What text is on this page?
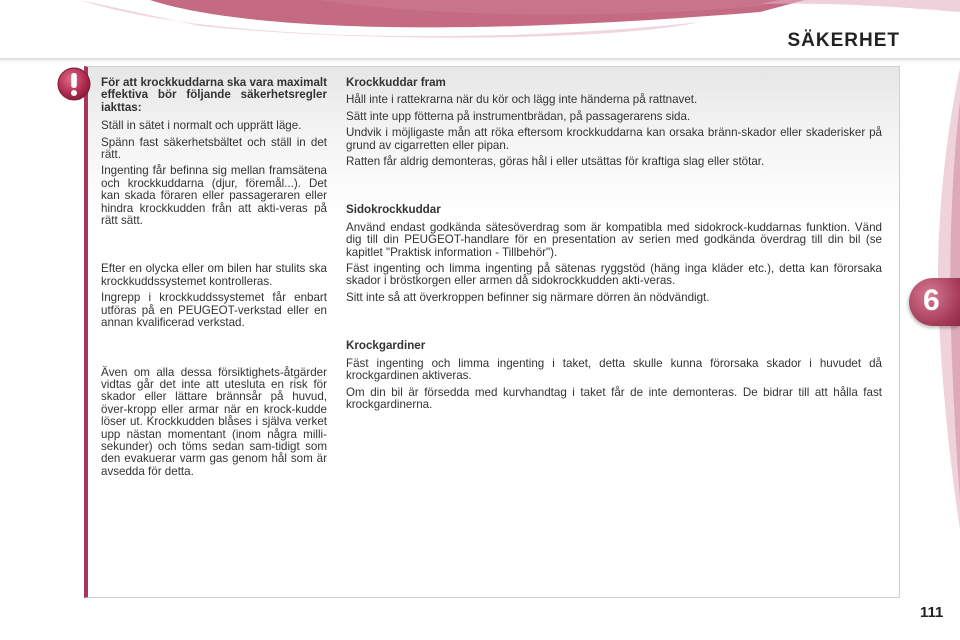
SÄKERHET
6

För att krockkuddarna ska vara maximalt effektiva bör följande säkerhetsregler iakttas:

Ställ in sätet i normalt och upprätt läge.

Spänn fast säkerhetsbältet och ställ in det rätt.

Ingenting får befinna sig mellan framsätena och krockkuddarna (djur, föremål...). Det kan skada föraren eller passageraren eller hindra krockkudden från att akti-veras på rätt sätt.

Efter en olycka eller om bilen har stulits ska krockkuddssystemet kontrolleras.

Ingrepp i krockkuddssystemet får enbart utföras på en PEUGEOT-verkstad eller en annan kvalificerad verkstad.

Även om alla dessa försiktighets-åtgärder vidtas går det inte att utesluta en risk för skador eller lättare brännsår på huvud, över-kropp eller armar när en krock-kudde löser ut. Krockkudden blåses i själva verket upp nästan momentant (inom några milli-sekunder) och töms sedan sam-tidigt som den evakuerar varm gas genom hål som är avsedda för detta.

Krockkuddar fram

Håll inte i rattekrarna när du kör och lägg inte händerna på rattnavet.

Sätt inte upp fötterna på instrumentbrädan, på passagerarens sida.

Undvik i möjligaste mån att röka eftersom krockkuddarna kan orsaka bränn-skador eller skaderisker på grund av cigarretten eller pipan.

Ratten får aldrig demonteras, göras hål i eller utsättas för kraftiga slag eller stötar.

Sidokrockkuddar

Använd endast godkända sätesöverdrag som är kompatibla med sidokrock-kuddarnas funktion. Vänd dig till din PEUGEOT-handlare för en presentation av serien med godkända överdrag till din bil (se kapitlet "Praktisk information - Tillbehör").

Fäst ingenting och limma ingenting på sätenas ryggstöd (häng inga kläder etc.), detta kan förorsaka skador i bröstkorgen eller armen då sidokrockkudden akti-veras.

Sitt inte så att överkroppen befinner sig närmare dörren än nödvändigt.

Krockgardiner

Fäst ingenting och limma ingenting i taket, detta skulle kunna förorsaka skador i huvudet då krockgardinen aktiveras.

Om din bil är försedda med kurvhandtag i taket får de inte demonteras. De bidrar till att hålla fast krockgardinerna.

111
